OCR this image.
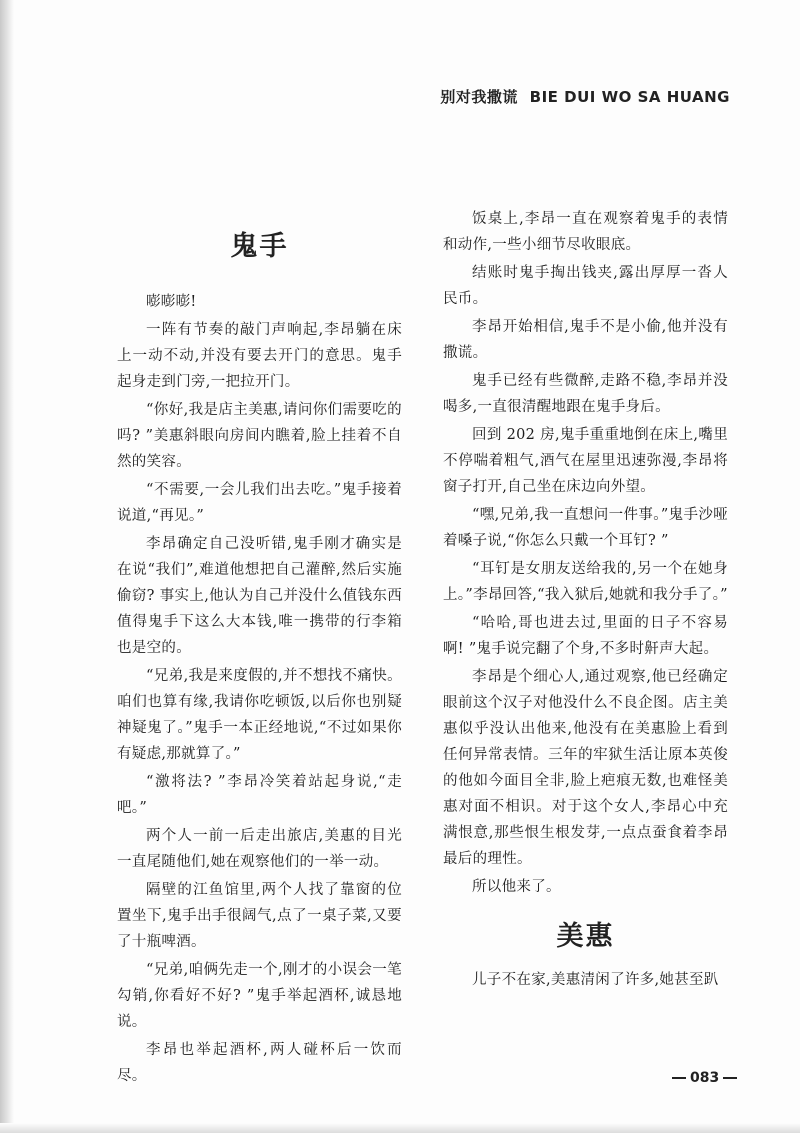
别对我撒谎 BIE DUI WO SA HUANG
鬼手

嘭嘭嘭!

一阵有节奏的敲门声响起,李昂躺在床上一动不动,并没有要去开门的意思。鬼手起身走到门旁,一把拉开门。

“你好,我是店主美惠,请问你们需要吃的吗? ”美惠斜眼向房间内瞧着,脸上挂着不自然的笑容。

“不需要,一会儿我们出去吃。”鬼手接着说道,“再见。”

李昂确定自己没听错,鬼手刚才确实是在说“我们”,难道他想把自己灌醉,然后实施偷窃? 事实上,他认为自己并没什么值钱东西值得鬼手下这么大本钱,唯一携带的行李箱也是空的。

“兄弟,我是来度假的,并不想找不痛快。咱们也算有缘,我请你吃顿饭,以后你也别疑神疑鬼了。”鬼手一本正经地说,“不过如果你有疑虑,那就算了。”

“激将法? ”李昂冷笑着站起身说,“走吧。”

两个人一前一后走出旅店,美惠的目光一直尾随他们,她在观察他们的一举一动。

隔壁的江鱼馆里,两个人找了靠窗的位置坐下,鬼手出手很阔气,点了一桌子菜,又要了十瓶啤酒。

“兄弟,咱俩先走一个,刚才的小误会一笔勾销,你看好不好? ”鬼手举起酒杯,诚恳地说。

李昂也举起酒杯,两人碰杯后一饮而尽。

饭桌上,李昂一直在观察着鬼手的表情和动作,一些小细节尽收眼底。

结账时鬼手掏出钱夹,露出厚厚一沓人民币。

李昂开始相信,鬼手不是小偷,他并没有撒谎。

鬼手已经有些微醉,走路不稳,李昂并没喝多,一直很清醒地跟在鬼手身后。

回到 202 房,鬼手重重地倒在床上,嘴里不停喘着粗气,酒气在屋里迅速弥漫,李昂将窗子打开,自己坐在床边向外望。

“嘿,兄弟,我一直想问一件事。”鬼手沙哑着嗓子说,“你怎么只戴一个耳钉? ”

“耳钉是女朋友送给我的,另一个在她身上。”李昂回答,“我入狱后,她就和我分手了。”

“哈哈,哥也进去过,里面的日子不容易啊! ”鬼手说完翻了个身,不多时鼾声大起。

李昂是个细心人,通过观察,他已经确定眼前这个汉子对他没什么不良企图。店主美惠似乎没认出他来,他没有在美惠脸上看到任何异常表情。三年的牢狱生活让原本英俊的他如今面目全非,脸上疤痕无数,也难怪美惠对面不相识。对于这个女人,李昂心中充满恨意,那些恨生根发芽,一点点蚕食着李昂最后的理性。

所以他来了。

美惠

儿子不在家,美惠清闲了许多,她甚至趴

083
